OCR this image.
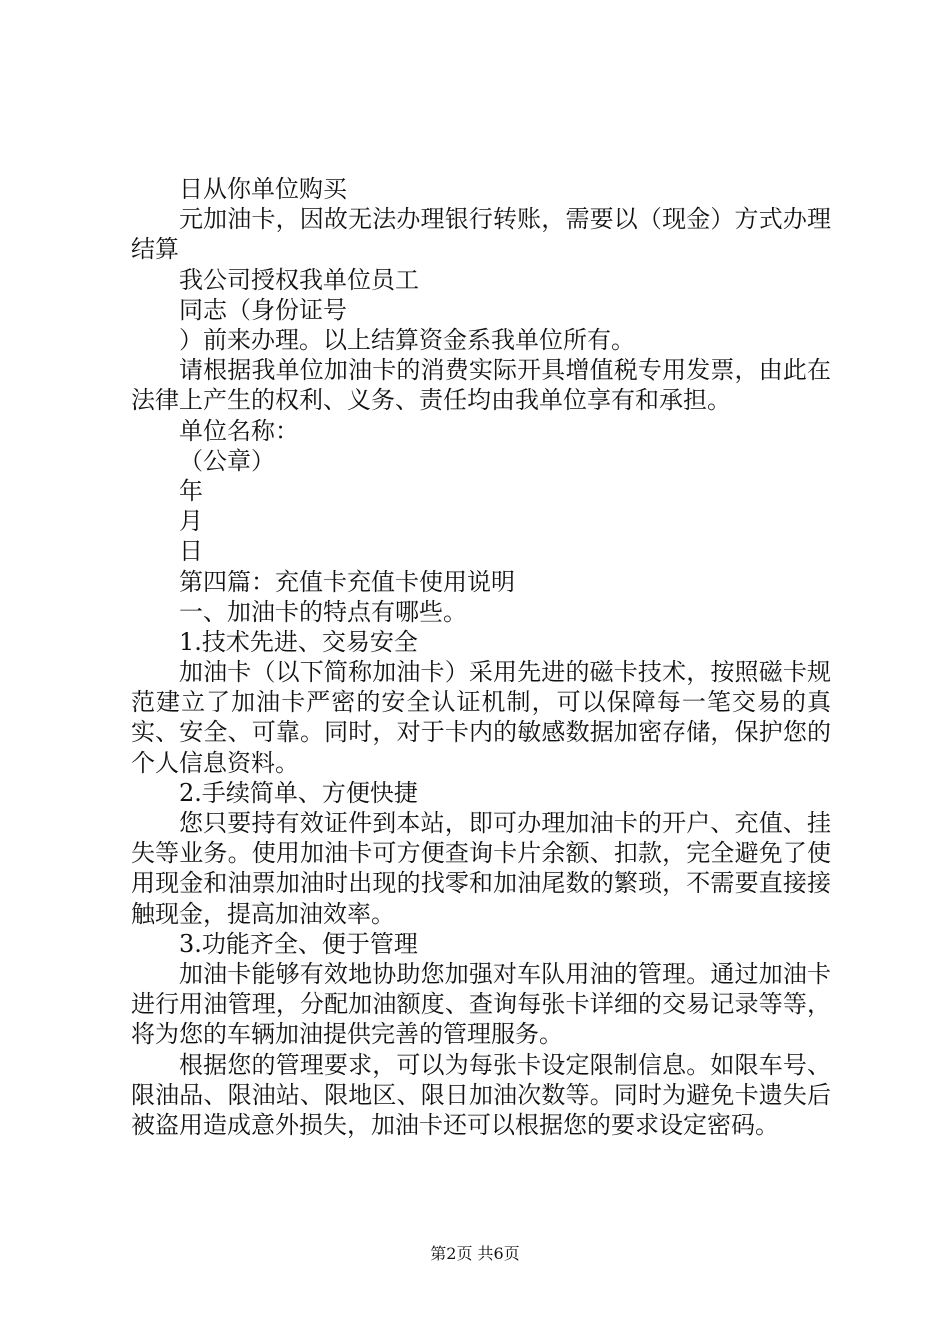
日从你单位购买
元加油卡，因故无法办理银行转账，需要以（现金）方式办理结算
我公司授权我单位员工
同志（身份证号
）前来办理。以上结算资金系我单位所有。
请根据我单位加油卡的消费实际开具增值税专用发票，由此在法律上产生的权利、义务、责任均由我单位享有和承担。
单位名称：
（公章）
年
月
日
第四篇：充值卡充值卡使用说明
一、加油卡的特点有哪些。
1.技术先进、交易安全
加油卡（以下简称加油卡）采用先进的磁卡技术，按照磁卡规范建立了加油卡严密的安全认证机制，可以保障每一笔交易的真实、安全、可靠。同时，对于卡内的敏感数据加密存储，保护您的个人信息资料。
2.手续简单、方便快捷
您只要持有效证件到本站，即可办理加油卡的开户、充值、挂失等业务。使用加油卡可方便查询卡片余额、扣款，完全避免了使用现金和油票加油时出现的找零和加油尾数的繁琐，不需要直接接触现金，提高加油效率。
3.功能齐全、便于管理
加油卡能够有效地协助您加强对车队用油的管理。通过加油卡进行用油管理，分配加油额度、查询每张卡详细的交易记录等等，将为您的车辆加油提供完善的管理服务。
根据您的管理要求，可以为每张卡设定限制信息。如限车号、限油品、限油站、限地区、限日加油次数等。同时为避免卡遗失后被盗用造成意外损失，加油卡还可以根据您的要求设定密码。
第2页 共6页
